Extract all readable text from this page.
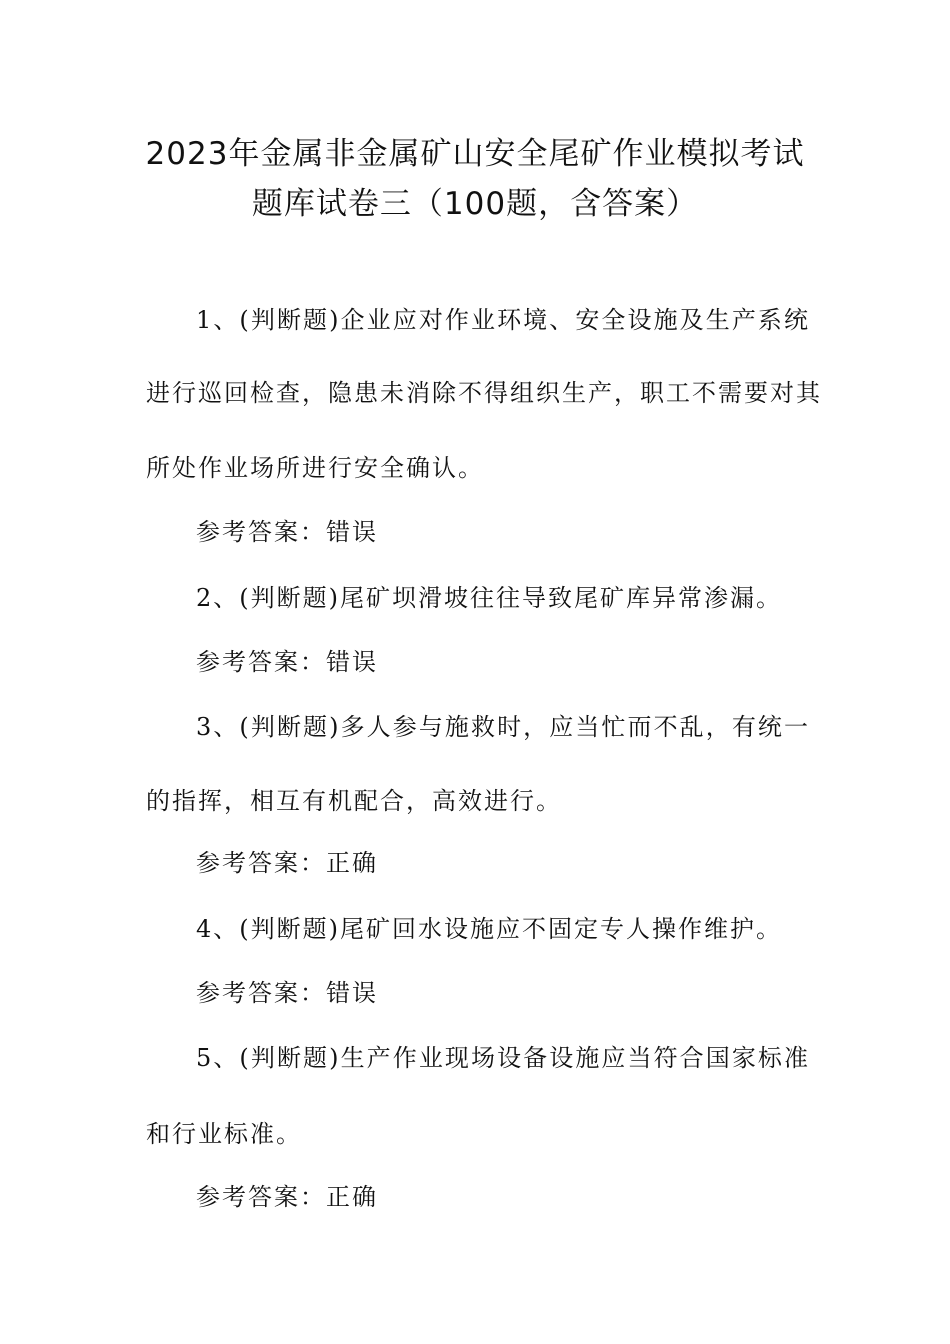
2023年金属非金属矿山安全尾矿作业模拟考试
题库试卷三（100题，含答案）
1、(判断题)企业应对作业环境、安全设施及生产系统
进行巡回检查，隐患未消除不得组织生产，职工不需要对其
所处作业场所进行安全确认。
参考答案：错误
2、(判断题)尾矿坝滑坡往往导致尾矿库异常渗漏。
参考答案：错误
3、(判断题)多人参与施救时，应当忙而不乱，有统一
的指挥，相互有机配合，高效进行。
参考答案：正确
4、(判断题)尾矿回水设施应不固定专人操作维护。
参考答案：错误
5、(判断题)生产作业现场设备设施应当符合国家标准
和行业标准。
参考答案：正确
